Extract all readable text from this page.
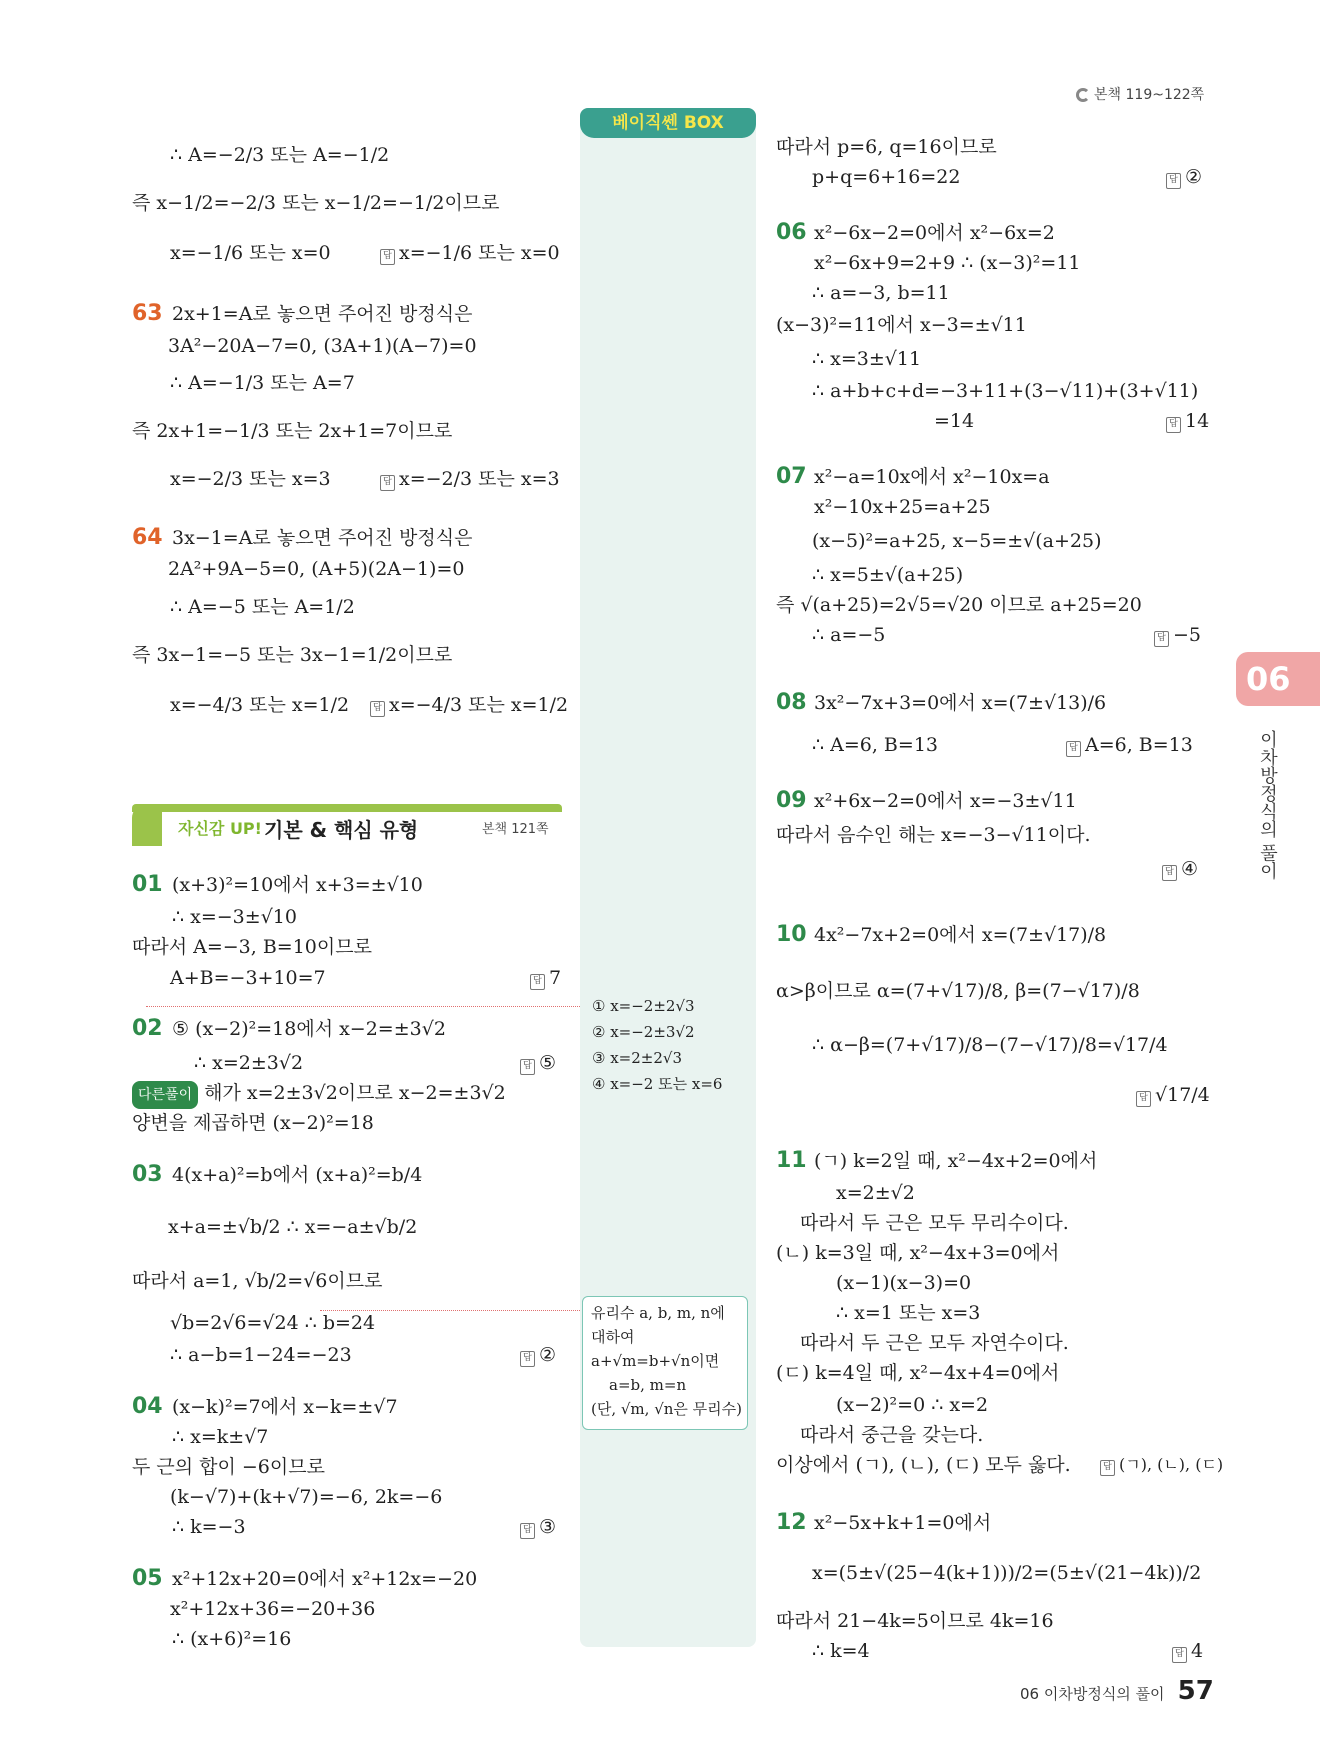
본책 119~122쪽
베이직쎈 BOX
06
이차방정식의 풀이
∴ A=−2/3 또는 A=−1/2
즉 x−1/2=−2/3 또는 x−1/2=−1/2이므로
x=−1/6 또는 x=0	답 x=−1/6 또는 x=0
63 2x+1=A로 놓으면 주어진 방정식은
3A²−20A−7=0, (3A+1)(A−7)=0
∴ A=−1/3 또는 A=7
즉 2x+1=−1/3 또는 2x+1=7이므로
x=−2/3 또는 x=3	답 x=−2/3 또는 x=3
64 3x−1=A로 놓으면 주어진 방정식은
2A²+9A−5=0, (A+5)(2A−1)=0
∴ A=−5 또는 A=1/2
즉 3x−1=−5 또는 3x−1=1/2이므로
x=−4/3 또는 x=1/2	답 x=−4/3 또는 x=1/2
자신감 UP! 기본 & 핵심 유형	본책 121쪽
01 (x+3)²=10에서 x+3=±√10
∴ x=−3±√10
따라서 A=−3, B=10이므로
A+B=−3+10=7	답 7
02 ⑤ (x−2)²=18에서 x−2=±3√2
∴ x=2±3√2	답 ⑤
다른풀이 해가 x=2±3√2이므로 x−2=±3√2
양변을 제곱하면 (x−2)²=18
03 4(x+a)²=b에서 (x+a)²=b/4
x+a=±√b/2 ∴ x=−a±√b/2
따라서 a=1, √b/2=√6이므로
√b=2√6=√24 ∴ b=24
∴ a−b=1−24=−23	답 ②
04 (x−k)²=7에서 x−k=±√7
∴ x=k±√7
두 근의 합이 −6이므로
(k−√7)+(k+√7)=−6, 2k=−6
∴ k=−3	답 ③
05 x²+12x+20=0에서 x²+12x=−20
x²+12x+36=−20+36
∴ (x+6)²=16
① x=−2±2√3
② x=−2±3√2
③ x=2±2√3
④ x=−2 또는 x=6
유리수 a, b, m, n에
대하여
a+√m=b+√n이면
a=b, m=n
(단, √m, √n은 무리수)
따라서 p=6, q=16이므로
p+q=6+16=22	답 ②
06 x²−6x−2=0에서 x²−6x=2
x²−6x+9=2+9 ∴ (x−3)²=11
∴ a=−3, b=11
(x−3)²=11에서 x−3=±√11
∴ x=3±√11
∴ a+b+c+d=−3+11+(3−√11)+(3+√11)
=14	답 14
07 x²−a=10x에서 x²−10x=a
x²−10x+25=a+25
(x−5)²=a+25, x−5=±√(a+25)
∴ x=5±√(a+25)
즉 √(a+25)=2√5=√20 이므로 a+25=20
∴ a=−5	답 −5
08 3x²−7x+3=0에서 x=(7±√13)/6
∴ A=6, B=13	답 A=6, B=13
09 x²+6x−2=0에서 x=−3±√11
따라서 음수인 해는 x=−3−√11이다.
답 ④
10 4x²−7x+2=0에서 x=(7±√17)/8
α>β이므로 α=(7+√17)/8, β=(7−√17)/8
∴ α−β=(7+√17)/8−(7−√17)/8=√17/4
답 √17/4
11 (ㄱ) k=2일 때, x²−4x+2=0에서
x=2±√2
따라서 두 근은 모두 무리수이다.
(ㄴ) k=3일 때, x²−4x+3=0에서
(x−1)(x−3)=0
∴ x=1 또는 x=3
따라서 두 근은 모두 자연수이다.
(ㄷ) k=4일 때, x²−4x+4=0에서
(x−2)²=0 ∴ x=2
따라서 중근을 갖는다.
이상에서 (ㄱ), (ㄴ), (ㄷ) 모두 옳다.	답 (ㄱ), (ㄴ), (ㄷ)
12 x²−5x+k+1=0에서
x=(5±√(25−4(k+1)))/2=(5±√(21−4k))/2
따라서 21−4k=5이므로 4k=16
∴ k=4	답 4
06 이차방정식의 풀이 57
